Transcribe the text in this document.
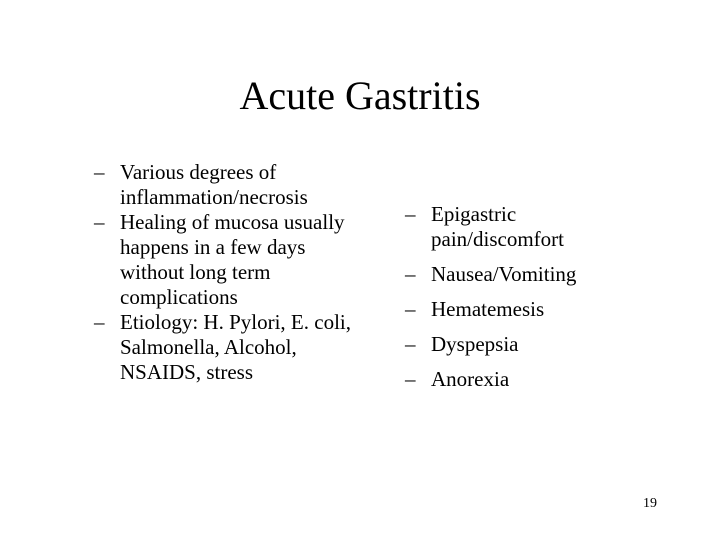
Acute Gastritis
– Various degrees of inflammation/necrosis
– Healing of mucosa usually happens in a few days without long term complications
– Etiology: H. Pylori, E. coli, Salmonella, Alcohol, NSAIDS, stress
– Epigastric pain/discomfort
– Nausea/Vomiting
– Hematemesis
– Dyspepsia
– Anorexia
19
